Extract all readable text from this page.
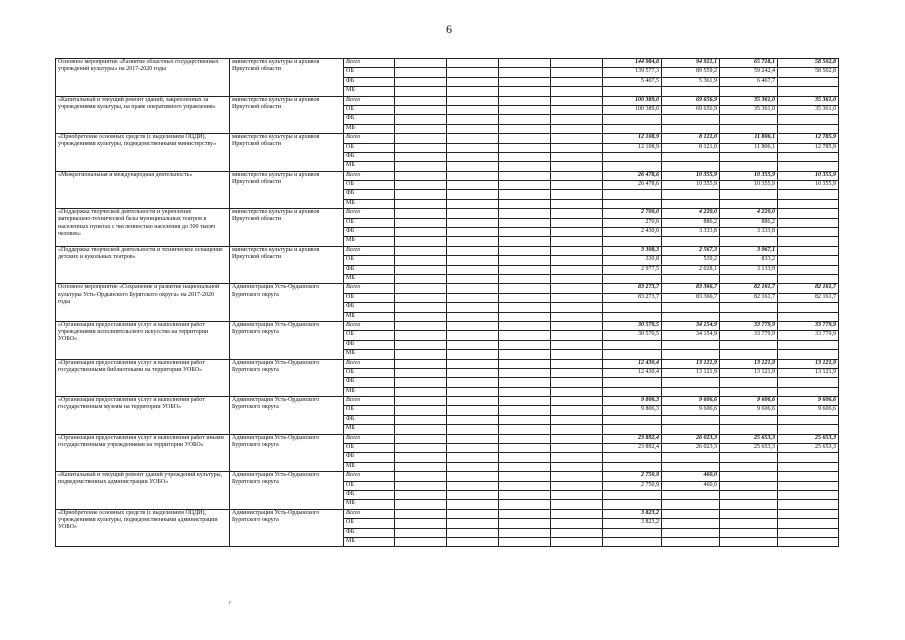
6
Основное мероприятие «Развитие областных государственных учреждений культуры» на 2017-2020 годы	министерство культуры и архивов Иркутской области	Всего					144 984,8	94 921,1	65 718,1	58 502,8
		ОБ					139 577,3	89 559,2	59 242,4	58 502,8
		ФБ					5 407,5	5 361,9	6 467,7	
		МБ								
«Капитальный и текущий ремонт зданий, закрепленных за учреждениями культуры, на праве оперативного управления»	министерство культуры и архивов Иркутской области	Всего					100 389,0	69 656,9	35 361,0	35 361,0
		ОБ					100 389,0	69 656,9	35 361,0	35 361,0
		ФБ								
		МБ								
«Приобретение основных средств (с выделением ОЦДИ), учреждениями культуры, подведомственными министерству»	министерство культуры и архивов Иркутской области	Всего					12 108,9	8 121,0	11 806,1	12 785,9
		ОБ					12 108,9	8 121,0	11 806,1	12 785,9
		ФБ								
		МБ								
«Межрегиональная и международная деятельность»	министерство культуры и архивов Иркутской области	Всего					26 478,6	10 355,9	10 355,9	10 355,9
		ОБ					26 478,6	10 355,9	10 355,9	10 355,9
		ФБ								
		МБ								
«Поддержка творческой деятельности и укрепление материально-технической базы муниципальных театров в населенных пунктах с численностью населения до 300 тысяч человек»	министерство культуры и архивов Иркутской области	Всего					2 700,0	4 220,0	4 220,0	
		ОБ					270,0	886,2	886,2	
		ФБ					2 430,0	3 333,8	3 333,8	
		МБ								
«Поддержка творческой деятельности и техническое оснащение детских и кукольных театров»	министерство культуры и архивов Иркутской области	Всего					3 308,3	2 567,3	3 967,1	
		ОБ					330,8	539,2	833,2	
		ФБ					2 977,5	2 028,1	3 133,9	
		МБ								
Основное мероприятие «Сохранение и развитие национальной культуры Усть-Ордынского Бурятского округа» на 2017-2020 годы	Администрация Усть-Ордынского Бурятского округа	Всего					83 273,7	83 366,7	82 161,7	82 161,7
		ОБ					83 273,7	83 366,7	82 161,7	82 161,7
		ФБ								
		МБ								
«Организация предоставления услуг и выполнения работ учреждениями исполнительского искусства на территории УОБО»	Администрация Усть-Ордынского Бурятского округа	Всего					30 570,5	34 154,9	33 779,9	33 779,9
		ОБ					30 570,5	34 154,9	33 779,9	33 779,9
		ФБ								
		МБ								
«Организация предоставления услуг и выполнения работ государственными библиотеками на территории УОБО»	Администрация Усть-Ордынского Бурятского округа	Всего					12 430,4	13 121,9	13 121,9	13 121,9
		ОБ					12 430,4	13 121,9	13 121,9	13 121,9
		ФБ								
		МБ								
«Организация предоставления услуг и выполнения работ государственным музеям на территории УОБО»	Администрация Усть-Ордынского Бурятского округа	Всего					9 806,3	9 606,6	9 606,6	9 606,6
		ОБ					9 806,3	9 606,6	9 606,6	9 606,6
		ФБ								
		МБ								
«Организация предоставления услуг и выполнения работ иными государственными учреждениями на территории УОБО»	Администрация Усть-Ордынского Бурятского округа	Всего					23 892,4	26 023,3	25 653,3	25 653,3
		ОБ					23 892,4	26 023,3	25 653,3	25 653,3
		ФБ								
		МБ								
«Капитальный и текущий ремонт зданий учреждений культуры, подведомственных администрации УОБО»	Администрация Усть-Ордынского Бурятского округа	Всего					2 750,9	460,0		
		ОБ					2 750,9	460,0		
		ФБ								
		МБ								
«Приобретение основных средств (с выделением ОЦДИ), учреждениями культуры, подведомственными администрации УОБО»	Администрация Усть-Ордынского Бурятского округа	Всего					3 823,2			
		ОБ					3 823,2			
		ФБ								
		МБ								
г
